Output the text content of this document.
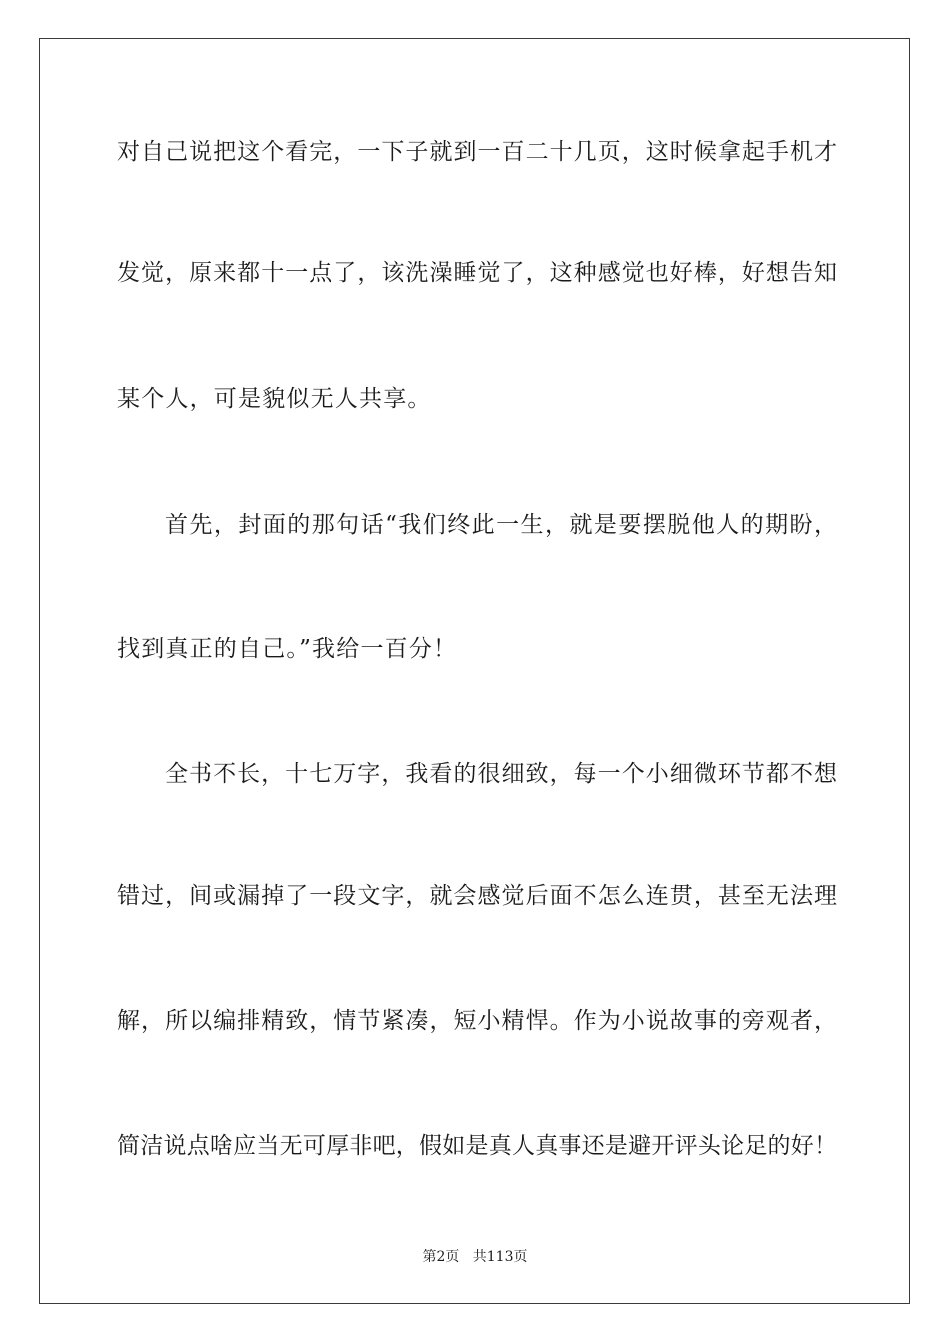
对自己说把这个看完，一下子就到一百二十几页，这时候拿起手机才
发觉，原来都十一点了，该洗澡睡觉了，这种感觉也好棒，好想告知
某个人，可是貌似无人共享。
首先，封面的那句话“我们终此一生，就是要摆脱他人的期盼，
找到真正的自己。”我给一百分！
全书不长，十七万字，我看的很细致，每一个小细微环节都不想
错过，间或漏掉了一段文字，就会感觉后面不怎么连贯，甚至无法理
解，所以编排精致，情节紧凑，短小精悍。作为小说故事的旁观者，
简洁说点啥应当无可厚非吧，假如是真人真事还是避开评头论足的好！
第2页 共113页
